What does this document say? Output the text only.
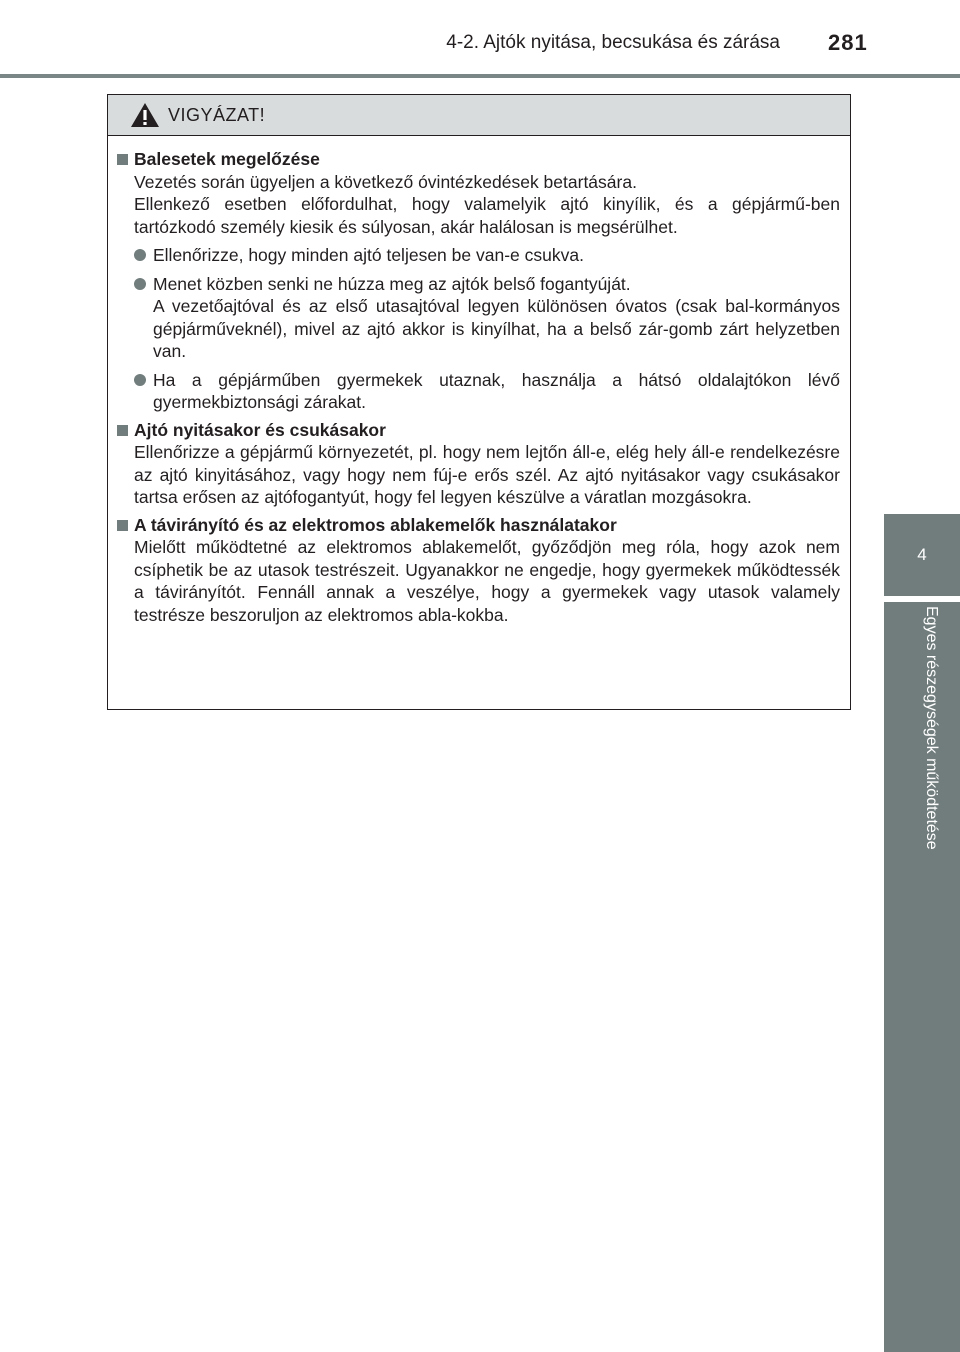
4-2. Ajtók nyitása, becsukása és zárása 281
4
Egyes részegységek működtetése
VIGYÁZAT!
Balesetek megelőzése
Vezetés során ügyeljen a következő óvintézkedések betartására.
Ellenkező esetben előfordulhat, hogy valamelyik ajtó kinyílik, és a gépjármű-ben tartózkodó személy kiesik és súlyosan, akár halálosan is megsérülhet.
Ellenőrizze, hogy minden ajtó teljesen be van-e csukva.
Menet közben senki ne húzza meg az ajtók belső fogantyúját.
A vezetőajtóval és az első utasajtóval legyen különösen óvatos (csak bal-kormányos gépjárműveknél), mivel az ajtó akkor is kinyílhat, ha a belső zár-gomb zárt helyzetben van.
Ha a gépjárműben gyermekek utaznak, használja a hátsó oldalajtókon lévő gyermekbiztonsági zárakat.
Ajtó nyitásakor és csukásakor
Ellenőrizze a gépjármű környezetét, pl. hogy nem lejtőn áll-e, elég hely áll-e rendelkezésre az ajtó kinyitásához, vagy hogy nem fúj-e erős szél. Az ajtó nyitásakor vagy csukásakor tartsa erősen az ajtófogantyút, hogy fel legyen készülve a váratlan mozgásokra.
A távirányító és az elektromos ablakemelők használatakor
Mielőtt működtetné az elektromos ablakemelőt, győződjön meg róla, hogy azok nem csíphetik be az utasok testrészeit. Ugyanakkor ne engedje, hogy gyermekek működtessék a távirányítót. Fennáll annak a veszélye, hogy a gyermekek vagy utasok valamely testrésze beszoruljon az elektromos abla-kokba.
